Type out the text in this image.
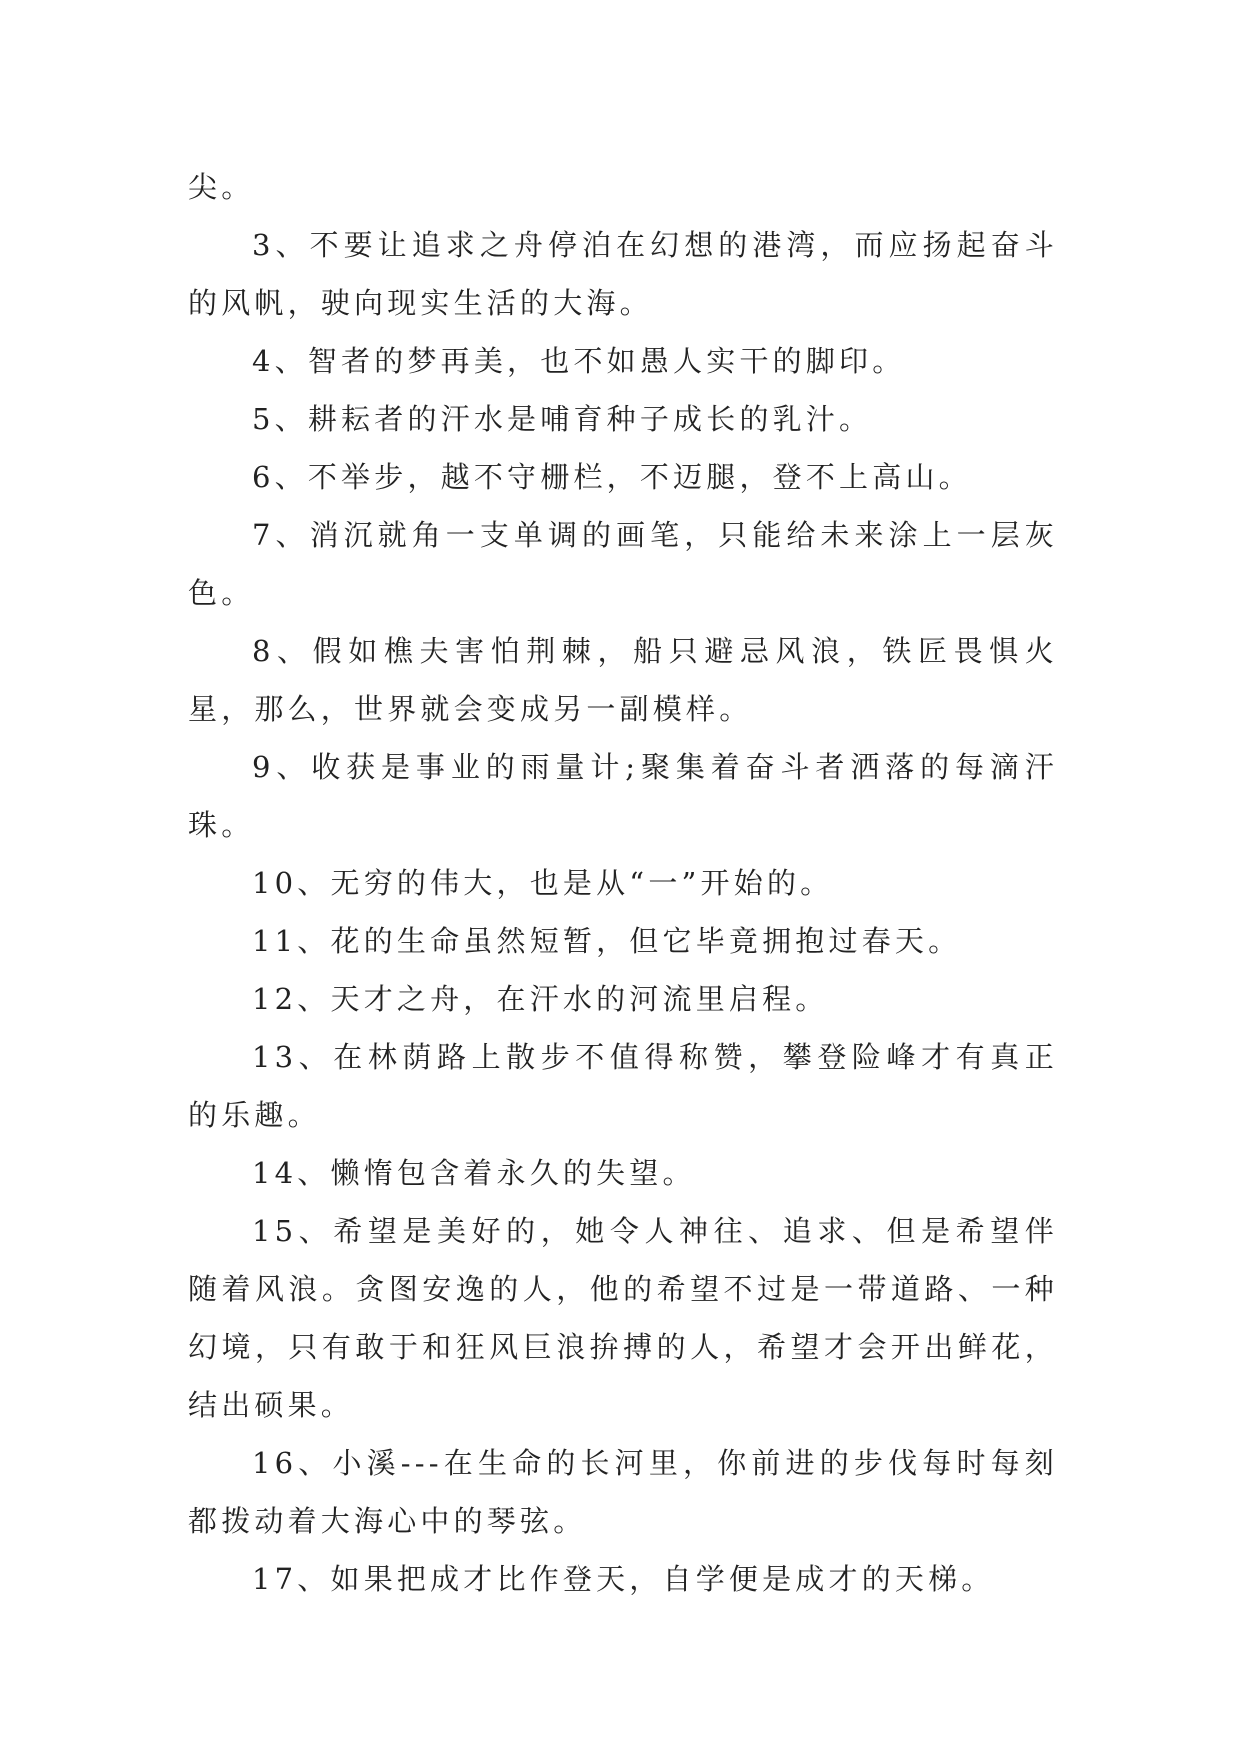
尖。

3、不要让追求之舟停泊在幻想的港湾，而应扬起奋斗的风帆，驶向现实生活的大海。

4、智者的梦再美，也不如愚人实干的脚印。

5、耕耘者的汗水是哺育种子成长的乳汁。

6、不举步，越不守栅栏，不迈腿，登不上高山。

7、消沉就角一支单调的画笔，只能给未来涂上一层灰色。

8、假如樵夫害怕荆棘，船只避忌风浪，铁匠畏惧火星，那么，世界就会变成另一副模样。

9、收获是事业的雨量计;聚集着奋斗者洒落的每滴汗珠。

10、无穷的伟大，也是从“一”开始的。

11、花的生命虽然短暂，但它毕竟拥抱过春天。

12、天才之舟，在汗水的河流里启程。

13、在林荫路上散步不值得称赞，攀登险峰才有真正的乐趣。

14、懒惰包含着永久的失望。

15、希望是美好的，她令人神往、追求、但是希望伴随着风浪。贪图安逸的人，他的希望不过是一带道路、一种幻境，只有敢于和狂风巨浪拚搏的人，希望才会开出鲜花，结出硕果。

16、小溪---在生命的长河里，你前进的步伐每时每刻都拨动着大海心中的琴弦。

17、如果把成才比作登天，自学便是成才的天梯。
